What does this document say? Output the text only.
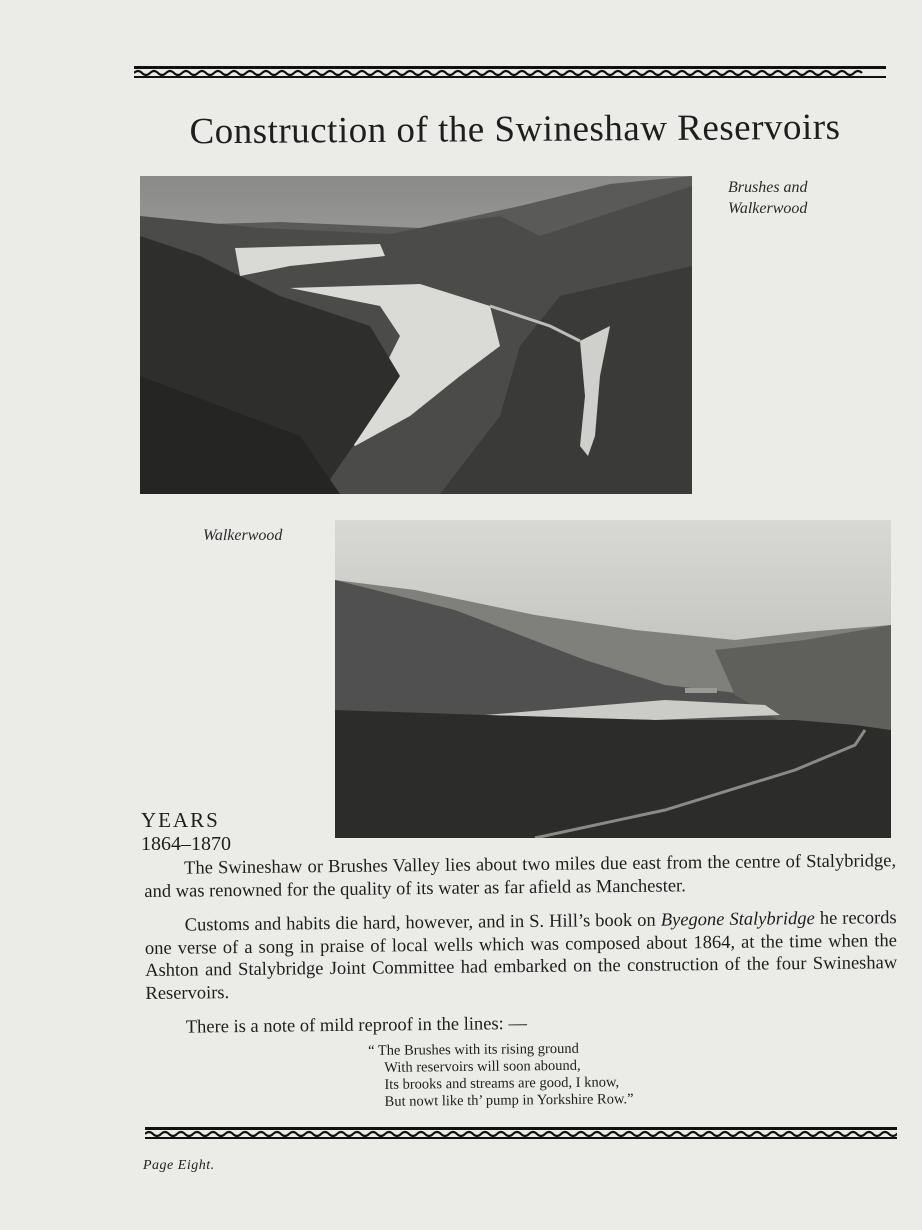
Construction of the Swineshaw Reservoirs
Brushes and
Walkerwood
Walkerwood
YEARS
1864–1870

The Swineshaw or Brushes Valley lies about two miles due east from the centre of Stalybridge, and was renowned for the quality of its water as far afield as Manchester.

Customs and habits die hard, however, and in S. Hill’s book on Byegone Stalybridge he records one verse of a song in praise of local wells which was composed about 1864, at the time when the Ashton and Stalybridge Joint Committee had embarked on the construction of the four Swineshaw Reservoirs.

There is a note of mild reproof in the lines: —

“ The Brushes with its rising ground
With reservoirs will soon abound,
Its brooks and streams are good, I know,
But nowt like th’ pump in Yorkshire Row.”
Page Eight.
